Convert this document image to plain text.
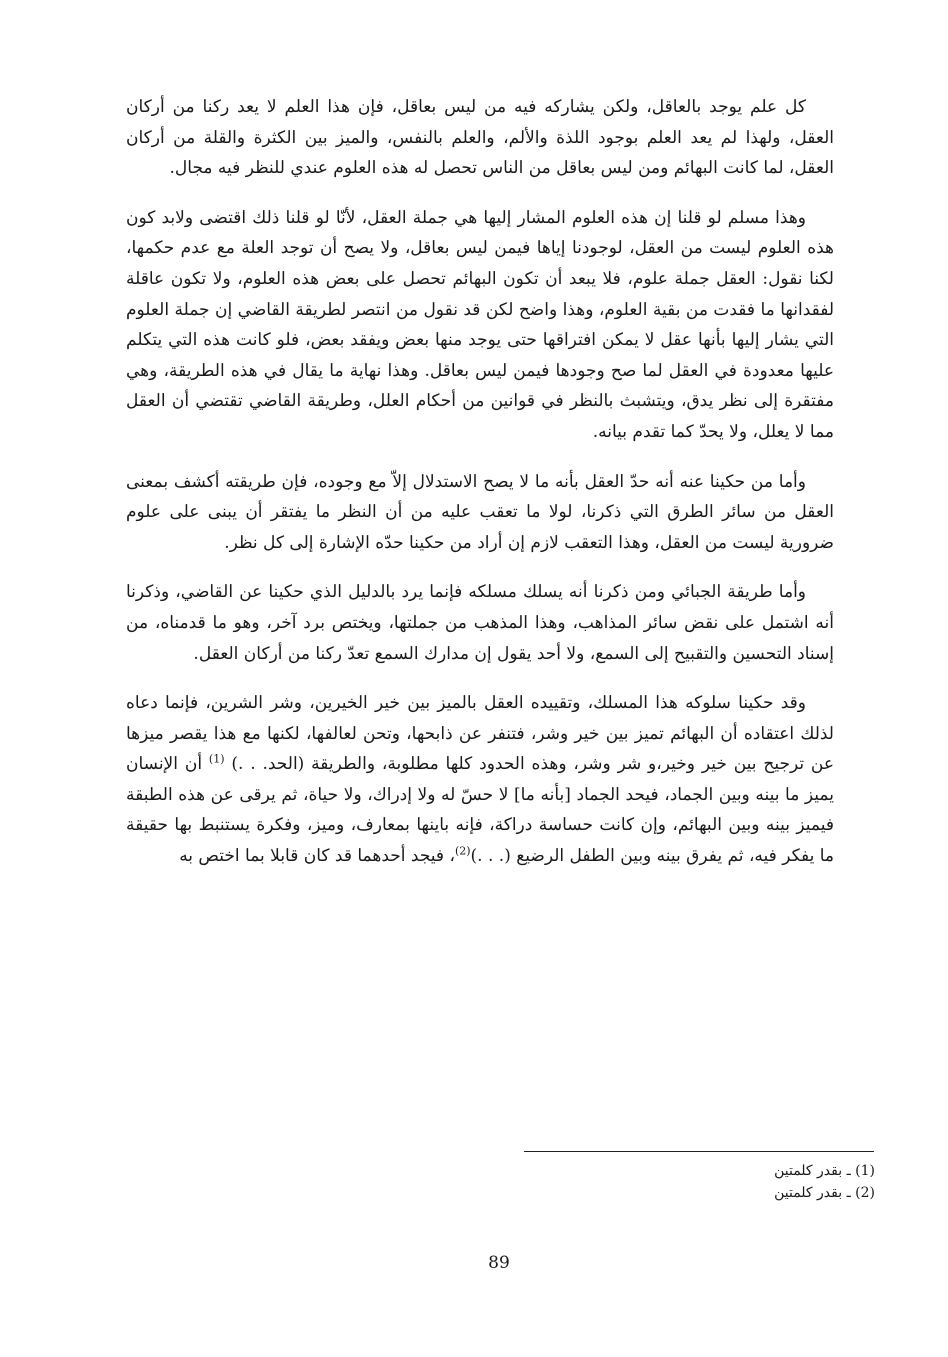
كل علم يوجد بالعاقل، ولكن يشاركه فيه من ليس بعاقل، فإن هذا العلم لا يعد ركنا من أركان العقل، ولهذا لم يعد العلم بوجود اللذة والألم، والعلم بالنفس، والميز بين الكثرة والقلة من أركان العقل، لما كانت البهائم ومن ليس بعاقل من الناس تحصل له هذه العلوم عندي للنظر فيه مجال.

وهذا مسلم لو قلنا إن هذه العلوم المشار إليها هي جملة العقل، لأنّا لو قلنا ذلك اقتضى ولابد كون هذه العلوم ليست من العقل، لوجودنا إياها فيمن ليس بعاقل، ولا يصح أن توجد العلة مع عدم حكمها، لكنا نقول: العقل جملة علوم، فلا يبعد أن تكون البهائم تحصل على بعض هذه العلوم، ولا تكون عاقلة لفقدانها ما فقدت من بقية العلوم، وهذا واضح لكن قد نقول من انتصر لطريقة القاضي إن جملة العلوم التي يشار إليها بأنها عقل لا يمكن افتراقها حتى يوجد منها بعض ويفقد بعض، فلو كانت هذه التي يتكلم عليها معدودة في العقل لما صح وجودها فيمن ليس بعاقل. وهذا نهاية ما يقال في هذه الطريقة، وهي مفتقرة إلى نظر يدق، ويتشبث بالنظر في قوانين من أحكام العلل، وطريقة القاضي تقتضي أن العقل مما لا يعلل، ولا يحدّ كما تقدم بيانه.

وأما من حكينا عنه أنه حدّ العقل بأنه ما لا يصح الاستدلال إلاّ مع وجوده، فإن طريقته أكشف بمعنى العقل من سائر الطرق التي ذكرنا، لولا ما تعقب عليه من أن النظر ما يفتقر أن يبنى على علوم ضرورية ليست من العقل، وهذا التعقب لازم إن أراد من حكينا حدّه الإشارة إلى كل نظر.

وأما طريقة الجبائي ومن ذكرنا أنه يسلك مسلكه فإنما يرد بالدليل الذي حكينا عن القاضي، وذكرنا أنه اشتمل على نقض سائر المذاهب، وهذا المذهب من جملتها، ويختص برد آخر، وهو ما قدمناه، من إسناد التحسين والتقبيح إلى السمع، ولا أحد يقول إن مدارك السمع تعدّ ركنا من أركان العقل.

وقد حكينا سلوكه هذا المسلك، وتقييده العقل بالميز بين خير الخيرين، وشر الشرين، فإنما دعاه لذلك اعتقاده أن البهائم تميز بين خير وشر، فتنفر عن ذابحها، وتحن لعالفها، لكنها مع هذا يقصر ميزها عن ترجيح بين خير وخير،و شر وشر، وهذه الحدود كلها مطلوبة، والطريقة (الحد. . .) $^{(1)}$ أن الإنسان يميز ما بينه وبين الجماد، فيحد الجماد [بأنه ما] لا حسّ له ولا إدراك، ولا حياة، ثم يرقى عن هذه الطبقة فيميز بينه وبين البهائم، وإن كانت حساسة دراكة، فإنه باينها بمعارف، وميز، وفكرة يستنبط بها حقيقة ما يفكر فيه، ثم يفرق بينه وبين الطفل الرضيع (. . .)$^{(2)}$، فيجد أحدهما قد كان قابلا بما اختص به

(1) ـ بقدر كلمتين
(2) ـ بقدر كلمتين
89
